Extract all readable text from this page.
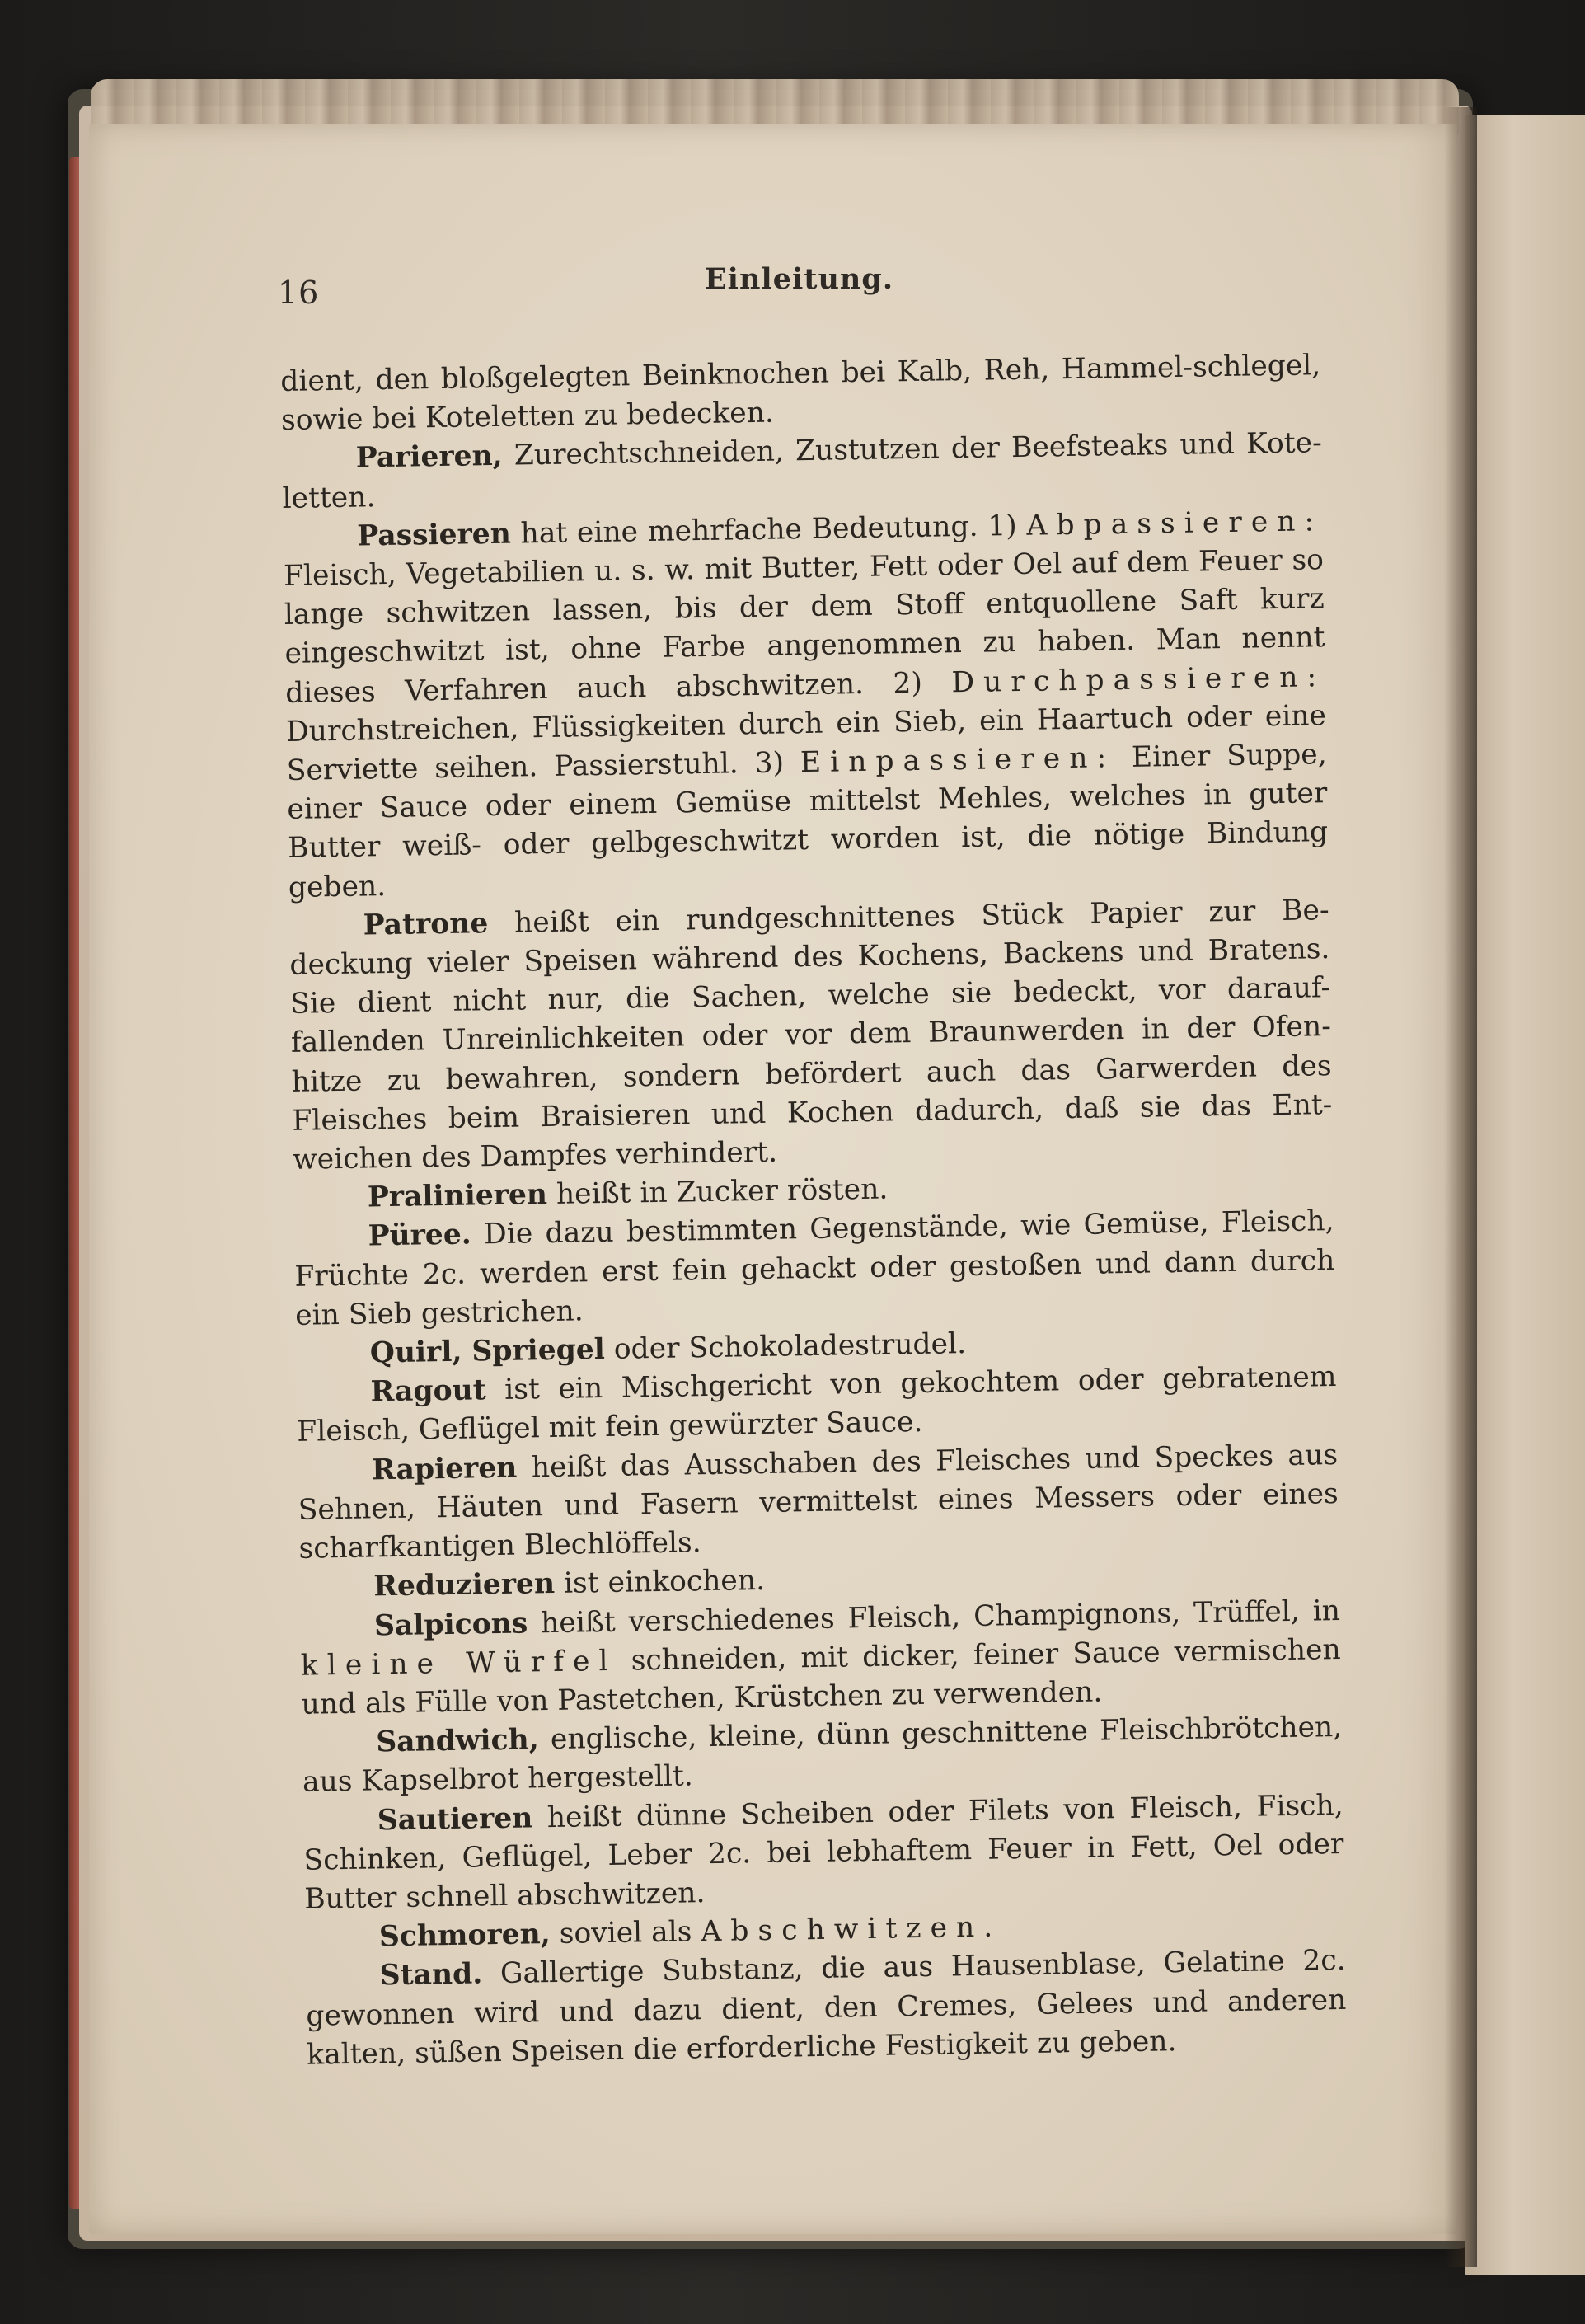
16	Einleitung.

dient, den bloßgelegten Beinknochen bei Kalb, Reh, Hammel-schlegel, sowie bei Koteletten zu bedecken.

Parieren, Zurechtschneiden, Zustutzen der Beefsteaks und Kote-letten.

Passieren hat eine mehrfache Bedeutung. 1) Abpassieren: Fleisch, Vegetabilien u. s. w. mit Butter, Fett oder Oel auf dem Feuer so lange schwitzen lassen, bis der dem Stoff entquollene Saft kurz eingeschwitzt ist, ohne Farbe angenommen zu haben. Man nennt dieses Verfahren auch abschwitzen. 2) Durchpassieren: Durchstreichen, Flüssigkeiten durch ein Sieb, ein Haartuch oder eine Serviette seihen. Passierstuhl. 3) Einpassieren: Einer Suppe, einer Sauce oder einem Gemüse mittelst Mehles, welches in guter Butter weiß- oder gelbgeschwitzt worden ist, die nötige Bindung geben.

Patrone heißt ein rundgeschnittenes Stück Papier zur Be-deckung vieler Speisen während des Kochens, Backens und Bratens. Sie dient nicht nur, die Sachen, welche sie bedeckt, vor darauf-fallenden Unreinlichkeiten oder vor dem Braunwerden in der Ofen-hitze zu bewahren, sondern befördert auch das Garwerden des Fleisches beim Braisieren und Kochen dadurch, daß sie das Ent-weichen des Dampfes verhindert.

Pralinieren heißt in Zucker rösten.

Püree. Die dazu bestimmten Gegenstände, wie Gemüse, Fleisch, Früchte 2c. werden erst fein gehackt oder gestoßen und dann durch ein Sieb gestrichen.

Quirl, Spriegel oder Schokoladestrudel.

Ragout ist ein Mischgericht von gekochtem oder gebratenem Fleisch, Geflügel mit fein gewürzter Sauce.

Rapieren heißt das Ausschaben des Fleisches und Speckes aus Sehnen, Häuten und Fasern vermittelst eines Messers oder eines scharfkantigen Blechlöffels.

Reduzieren ist einkochen.

Salpicons heißt verschiedenes Fleisch, Champignons, Trüffel, in kleine Würfel schneiden, mit dicker, feiner Sauce vermischen und als Fülle von Pastetchen, Krüstchen zu verwenden.

Sandwich, englische, kleine, dünn geschnittene Fleischbrötchen, aus Kapselbrot hergestellt.

Sautieren heißt dünne Scheiben oder Filets von Fleisch, Fisch, Schinken, Geflügel, Leber 2c. bei lebhaftem Feuer in Fett, Oel oder Butter schnell abschwitzen.

Schmoren, soviel als Abschwitzen.

Stand. Gallertige Substanz, die aus Hausenblase, Gelatine 2c. gewonnen wird und dazu dient, den Cremes, Gelees und anderen kalten, süßen Speisen die erforderliche Festigkeit zu geben.
